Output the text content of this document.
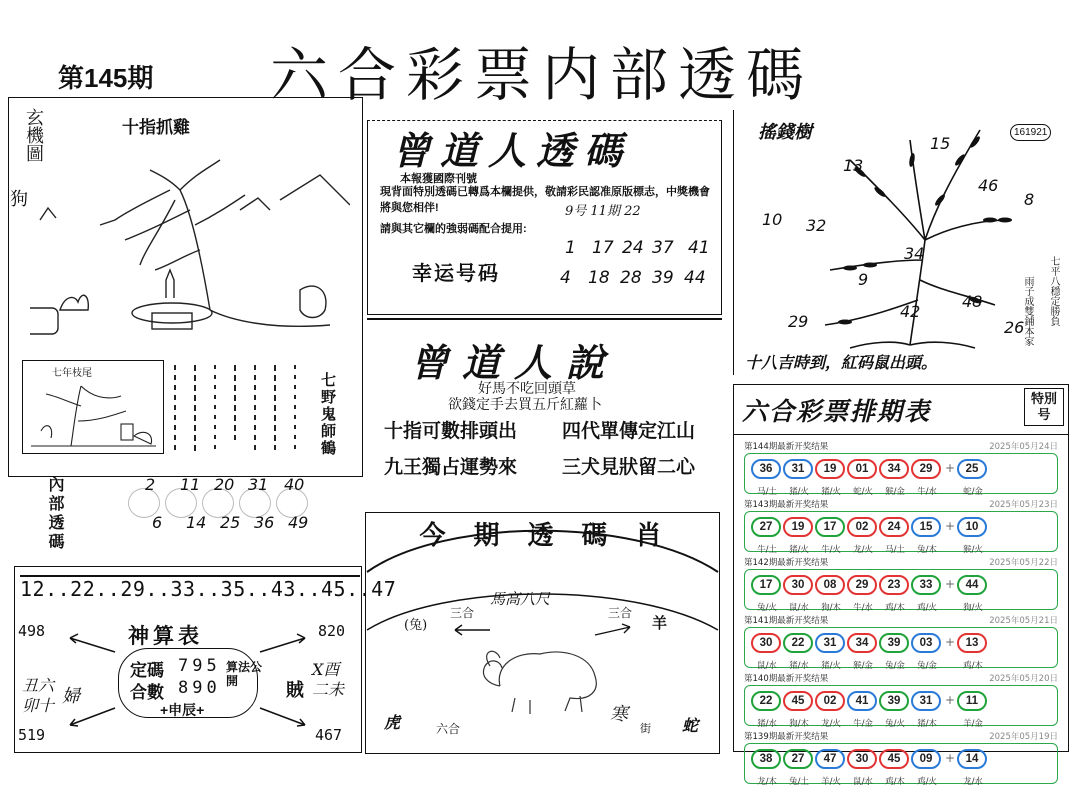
第145期 六合彩票内部透碼
玄機圖
狗
十指抓雞
七年枝尾	七野鬼師鶴
內部透碼	2 11 20 31 40
6 14 25 36 49
12..22..29..33..35..43..45..47
神算表
498	820
519	467
定碼 795
合數 890
算法公開
+申辰+
丑六卯十 婦	賊
X酉二未
曾道人透碼
本報獲國際刊號
現背面特別透碼已轉爲本欄提供，敬請彩民認准原版標志，中獎機會將與您相伴!
請與其它欄的強弱碼配合提用:
9号 11期 22
幸运号码
1 17 24 37 41
4 18 28 39 44
曾道人說
好馬不吃回頭草
欲錢定手去買五斤紅蘿卜
十指可數排頭出 四代單傳定江山
九王獨占運勢來 三犬見狀留二心
今期透碼肖
(兔)
三合
馬高八尺
三合
羊
虎	六合
寒
街 蛇
搖錢樹	161921
13
15
46
8
10 32
34
9
29
42
48
26
七平八穩定勝負
雨子成雙鋪本家
十八吉時到，紅码鼠出頭。
六合彩票排期表	特別号
第144期最新开奖结果	2025年05月24日
36	31	19	01	34	29	+ 25
马/土 猪/火 猪/火 蛇/火 猴/金 牛/水	蛇/金
第143期最新开奖结果	2025年05月23日
27	19	17	02	24	15	+ 10
牛/土 猪/火 牛/火 龙/火 马/土 兔/木	猴/火
第142期最新开奖结果	2025年05月22日
17	30	08	29	23	33	+ 44
兔/火 鼠/水 狗/木 牛/水 鸡/木 鸡/火	狗/火
第141期最新开奖结果	2025年05月21日
30	22	31	34	39	03	+ 13
鼠/水 猪/水 猪/火 猴/金 兔/金 兔/金	鸡/木
第140期最新开奖结果	2025年05月20日
22	45	02	41	39	31	+ 11
猪/水 狗/木 龙/火 牛/金 兔/火 猪/木	羊/金
第139期最新开奖结果	2025年05月19日
38	27	47	30	45	09	+ 14
龙/木 兔/土 羊/火 鼠/水 鸡/木 鸡/火	龙/水
